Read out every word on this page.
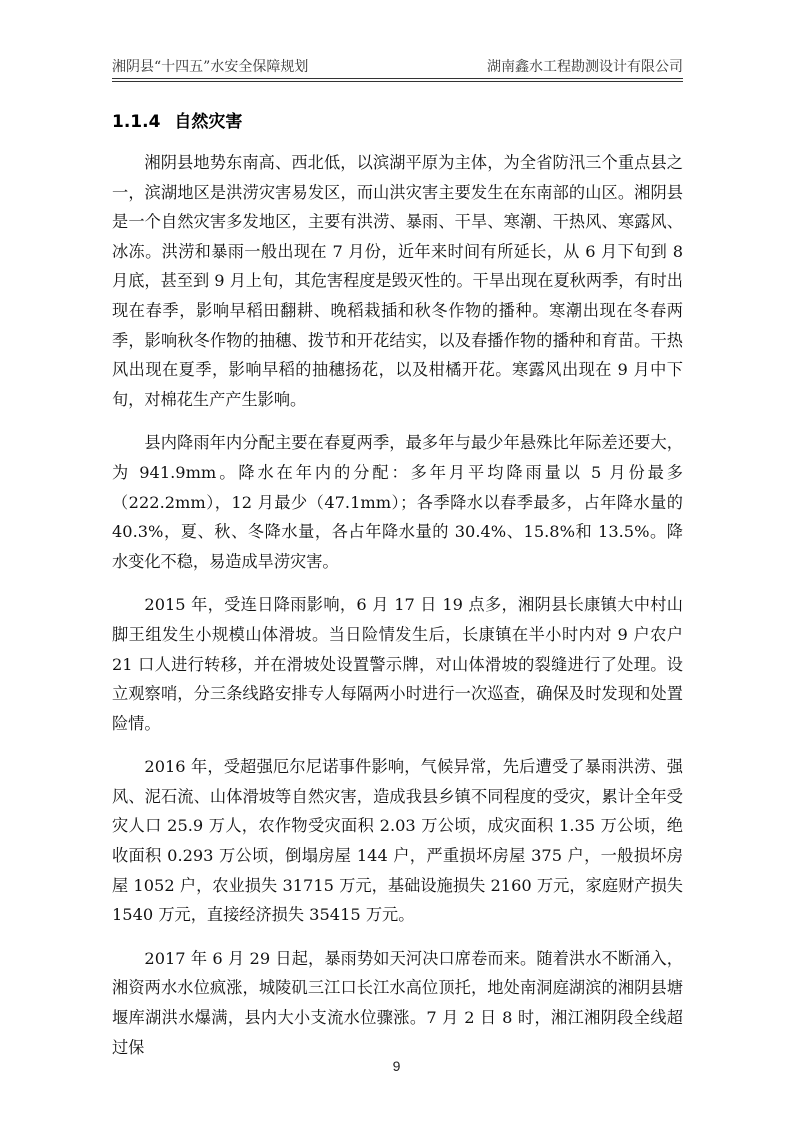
湘阴县“十四五”水安全保障规划	湖南鑫水工程勘测设计有限公司
1.1.4 自然灾害

湘阴县地势东南高、西北低，以滨湖平原为主体，为全省防汛三个重点县之一，滨湖地区是洪涝灾害易发区，而山洪灾害主要发生在东南部的山区。湘阴县是一个自然灾害多发地区，主要有洪涝、暴雨、干旱、寒潮、干热风、寒露风、冰冻。洪涝和暴雨一般出现在 7 月份，近年来时间有所延长，从 6 月下旬到 8 月底，甚至到 9 月上旬，其危害程度是毁灭性的。干旱出现在夏秋两季，有时出现在春季，影响早稻田翻耕、晚稻栽插和秋冬作物的播种。寒潮出现在冬春两季，影响秋冬作物的抽穗、拨节和开花结实，以及春播作物的播种和育苗。干热风出现在夏季，影响早稻的抽穗扬花，以及柑橘开花。寒露风出现在 9 月中下旬，对棉花生产产生影响。

县内降雨年内分配主要在春夏两季，最多年与最少年悬殊比年际差还要大，为 941.9mm。降水在年内的分配：多年月平均降雨量以 5 月份最多（222.2mm），12 月最少（47.1mm）；各季降水以春季最多，占年降水量的 40.3%，夏、秋、冬降水量，各占年降水量的 30.4%、15.8%和 13.5%。降水变化不稳，易造成旱涝灾害。

2015 年，受连日降雨影响，6 月 17 日 19 点多，湘阴县长康镇大中村山脚王组发生小规模山体滑坡。当日险情发生后，长康镇在半小时内对 9 户农户 21 口人进行转移，并在滑坡处设置警示牌，对山体滑坡的裂缝进行了处理。设立观察哨，分三条线路安排专人每隔两小时进行一次巡查，确保及时发现和处置险情。

2016 年，受超强厄尔尼诺事件影响，气候异常，先后遭受了暴雨洪涝、强风、泥石流、山体滑坡等自然灾害，造成我县乡镇不同程度的受灾，累计全年受灾人口 25.9 万人，农作物受灾面积 2.03 万公顷，成灾面积 1.35 万公顷，绝收面积 0.293 万公顷，倒塌房屋 144 户，严重损坏房屋 375 户，一般损坏房屋 1052 户，农业损失 31715 万元，基础设施损失 2160 万元，家庭财产损失 1540 万元，直接经济损失 35415 万元。

2017 年 6 月 29 日起，暴雨势如天河决口席卷而来。随着洪水不断涌入，湘资两水水位疯涨，城陵矶三江口长江水高位顶托，地处南洞庭湖滨的湘阴县塘堰库湖洪水爆满，县内大小支流水位骤涨。7 月 2 日 8 时，湘江湘阴段全线超过保

9
